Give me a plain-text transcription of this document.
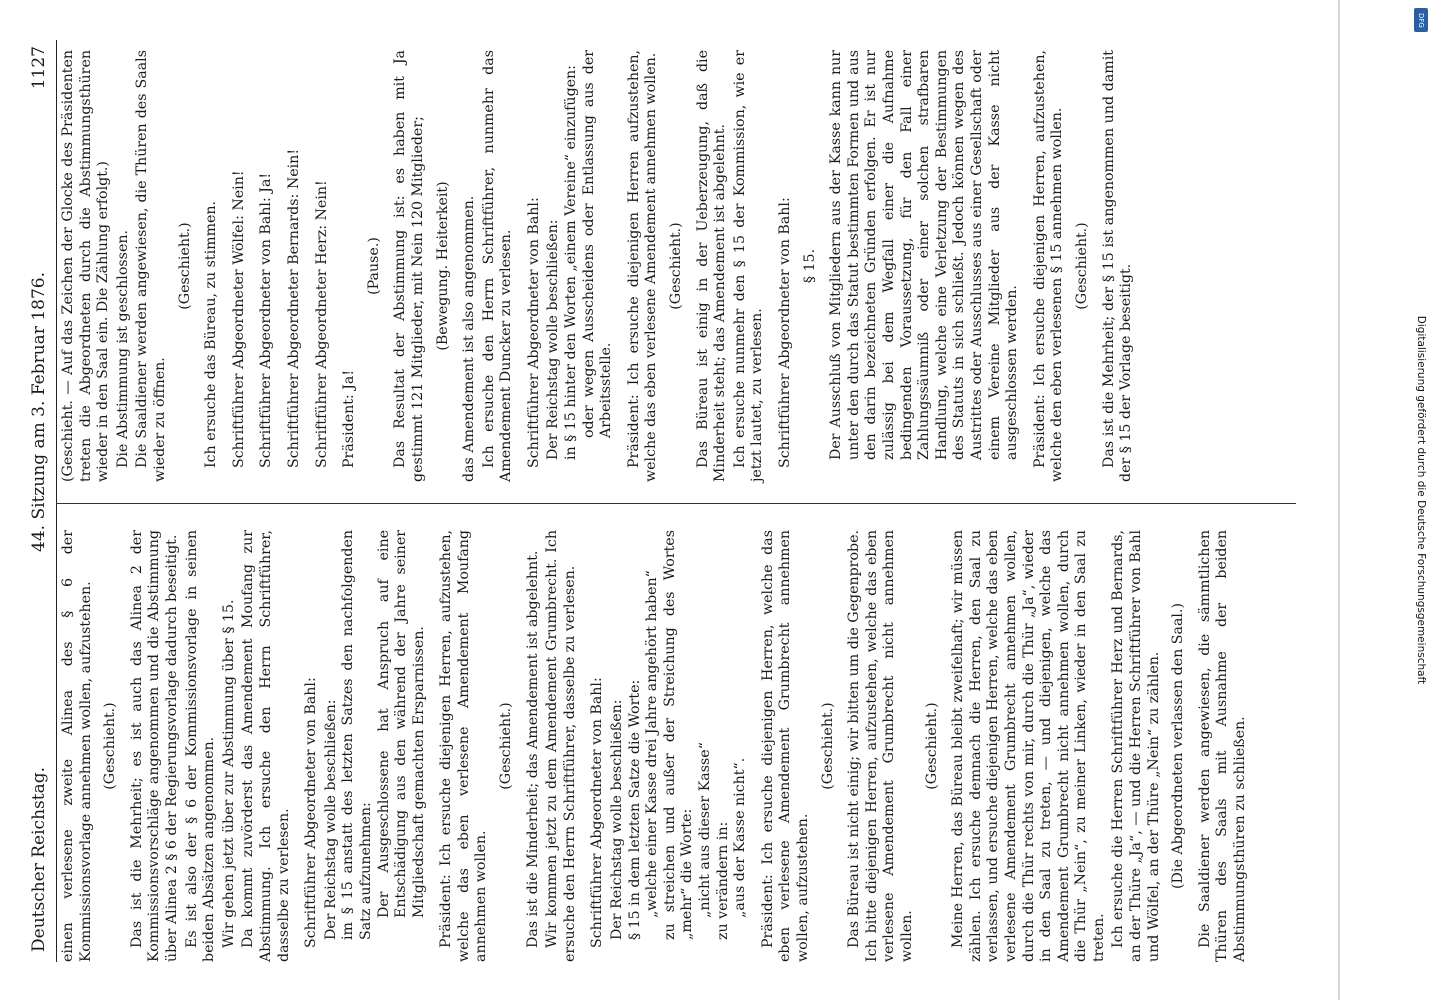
Deutscher Reichstag.
44. Sitzung am 3. Februar 1876.
1127

einen verlesene zweite Alinea des § 6 der Kommissionsvorlage annehmen wollen, aufzustehen. (Geschieht.) Das ist die Mehrheit; es ist auch das Alinea 2 der Kommissionsvorschläge angenommen und die Abstimmung über Alinea 2 § 6 der Regierungsvorlage dadurch beseitigt. Es ist also der § 6 der Kommissionsvorlage in seinen beiden Absätzen angenommen. Wir gehen jetzt über zur Abstimmung über § 15. Da kommt zuvörderst das Amendement Moufang zur Abstimmung. Ich ersuche den Herrn Schriftführer, dasselbe zu verlesen. Schriftführer Abgeordneter von Bahl: Der Reichstag wolle beschließen: im § 15 anstatt des letzten Satzes den nachfolgenden Satz aufzunehmen: Der Ausgeschlossene hat Anspruch auf eine Entschädigung aus den während der Jahre seiner Mitgliedschaft gemachten Ersparnissen. Präsident: Ich ersuche diejenigen Herren, aufzustehen, welche das eben verlesene Amendement Moufang annehmen wollen.

(Geschieht.) Das ist die Minderheit; das Amendement ist abgelehnt. Wir kommen jetzt zu dem Amendement Grumbrecht. Ich ersuche den Herrn Schriftführer, dasselbe zu verlesen. Schriftführer Abgeordneter von Bahl: Der Reichstag wolle beschließen: § 15 in dem letzten Satze die Worte: „welche einer Kasse drei Jahre angehört haben“ zu streichen und außer der Streichung des Wortes „mehr“ die Worte: „nicht aus dieser Kasse“ zu verändern in: „aus der Kasse nicht“. Präsident: Ich ersuche diejenigen Herren, welche das eben verlesene Amendement Grumbrecht annehmen wollen, aufzustehen.

(Geschieht.) Das Büreau ist nicht einig; wir bitten um die Gegenprobe. Ich bitte diejenigen Herren, aufzustehen, welche das eben verlesene Amendement Grumbrecht nicht annehmen wollen.

(Geschieht.) Meine Herren, das Büreau bleibt zweifelhaft; wir müssen zählen. Ich ersuche demnach die Herren, den Saal zu verlassen, und ersuche diejenigen Herren, welche das eben verlesene Amendement Grumbrecht annehmen wollen, durch die Thür rechts von mir, durch die Thür „Ja“, wieder in den Saal zu treten, — und diejenigen, welche das Amendement Grumbrecht nicht annehmen wollen, durch die Thür „Nein“, zu meiner Linken, wieder in den Saal zu treten. Ich ersuche die Herren Schriftführer Herz und Bernards, an der Thüre „Ja“, — und die Herren Schriftführer von Bahl und Wölfel, an der Thüre „Nein“ zu zählen. (Die Abgeordneten verlassen den Saal.) Die Saaldiener werden angewiesen, die sämmtlichen Thüren des Saals mit Ausnahme der beiden Abstimmungsthüren zu schließen.

(Geschieht. — Auf das Zeichen der Glocke des Präsidenten treten die Abgeordneten durch die Abstimmungsthüren wieder in den Saal ein. Die Zählung erfolgt.) Die Abstimmung ist geschlossen. Die Saaldiener werden angewiesen, die Thüren des Saals wieder zu öffnen.

(Geschieht.) Ich ersuche das Büreau, zu stimmen. Schriftführer Abgeordneter Wölfel: Nein! Schriftführer Abgeordneter von Bahl: Ja! Schriftführer Abgeordneter Bernards: Nein! Schriftführer Abgeordneter Herz: Nein! Präsident: Ja!

(Pause.) Das Resultat der Abstimmung ist: es haben mit Ja gestimmt 121 Mitglieder, mit Nein 120 Mitglieder; (Bewegung. Heiterkeit) das Amendement ist also angenommen. Ich ersuche den Herrn Schriftführer, nunmehr das Amendement Duncker zu verlesen. Schriftführer Abgeordneter von Bahl: Der Reichstag wolle beschließen: in § 15 hinter den Worten „einem Vereine“ einzufügen: oder wegen Ausscheidens oder Entlassung aus der Arbeitsstelle. Präsident: Ich ersuche diejenigen Herren aufzustehen, welche das eben verlesene Amendement annehmen wollen. (Geschieht.) Das Büreau ist einig in der Ueberzeugung, daß die Minderheit steht; das Amendement ist abgelehnt. Ich ersuche nunmehr den § 15 der Kommission, wie er jetzt lautet, zu verlesen. Schriftführer Abgeordneter von Bahl: § 15. Der Ausschluß von Mitgliedern aus der Kasse kann nur unter den durch das Statut bestimmten Formen und aus den darin bezeichneten Gründen erfolgen. Er ist nur zulässig bei dem Wegfall einer die Aufnahme bedingenden Voraussetzung, für den Fall einer Zahlungssäumniß oder einer solchen strafbaren Handlung, welche eine Verletzung der Bestimmungen des Statuts in sich schließt. Jedoch können wegen des Austrittes oder Ausschlusses aus einer Gesellschaft oder einem Vereine Mitglieder aus der Kasse nicht ausgeschlossen werden. Präsident: Ich ersuche diejenigen Herren, aufzustehen, welche den eben verlesenen § 15 annehmen wollen. (Geschieht.) Das ist die Mehrheit; der § 15 ist angenommen und damit der § 15 der Vorlage beseitigt.

DFG
Digitalisierung gefördert durch die Deutsche Forschungsgemeinschaft
